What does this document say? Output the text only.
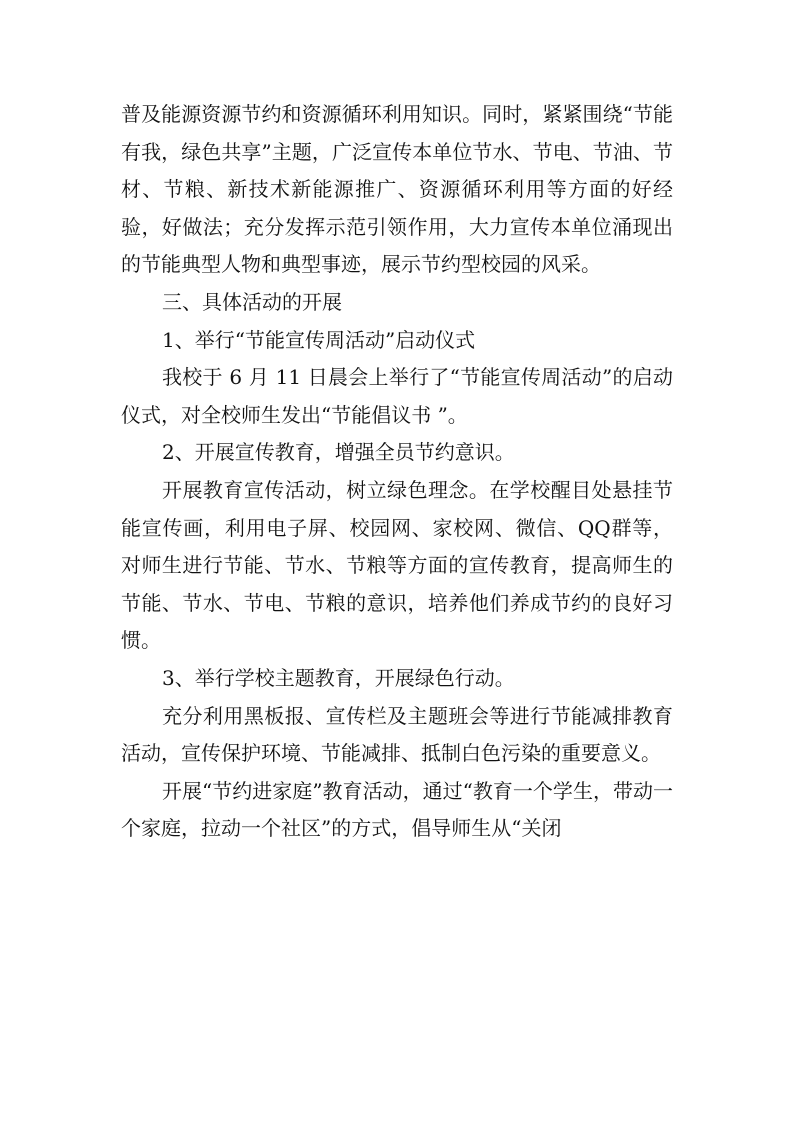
普及能源资源节约和资源循环利用知识。同时，紧紧围绕“节能有我，绿色共享”主题，广泛宣传本单位节水、节电、节油、节材、节粮、新技术新能源推广、资源循环利用等方面的好经验，好做法；充分发挥示范引领作用，大力宣传本单位涌现出的节能典型人物和典型事迹，展示节约型校园的风采。

三、具体活动的开展

1、举行“节能宣传周活动”启动仪式

我校于 6 月 11 日晨会上举行了“节能宣传周活动”的启动仪式，对全校师生发出“节能倡议书 ”。

2、开展宣传教育，增强全员节约意识。

开展教育宣传活动，树立绿色理念。在学校醒目处悬挂节能宣传画，利用电子屏、校园网、家校网、微信、QQ群等，对师生进行节能、节水、节粮等方面的宣传教育，提高师生的节能、节水、节电、节粮的意识，培养他们养成节约的良好习惯。

3、举行学校主题教育，开展绿色行动。

充分利用黑板报、宣传栏及主题班会等进行节能减排教育活动，宣传保护环境、节能减排、抵制白色污染的重要意义。

开展“节约进家庭”教育活动，通过“教育一个学生，带动一个家庭，拉动一个社区”的方式，倡导师生从“关闭
